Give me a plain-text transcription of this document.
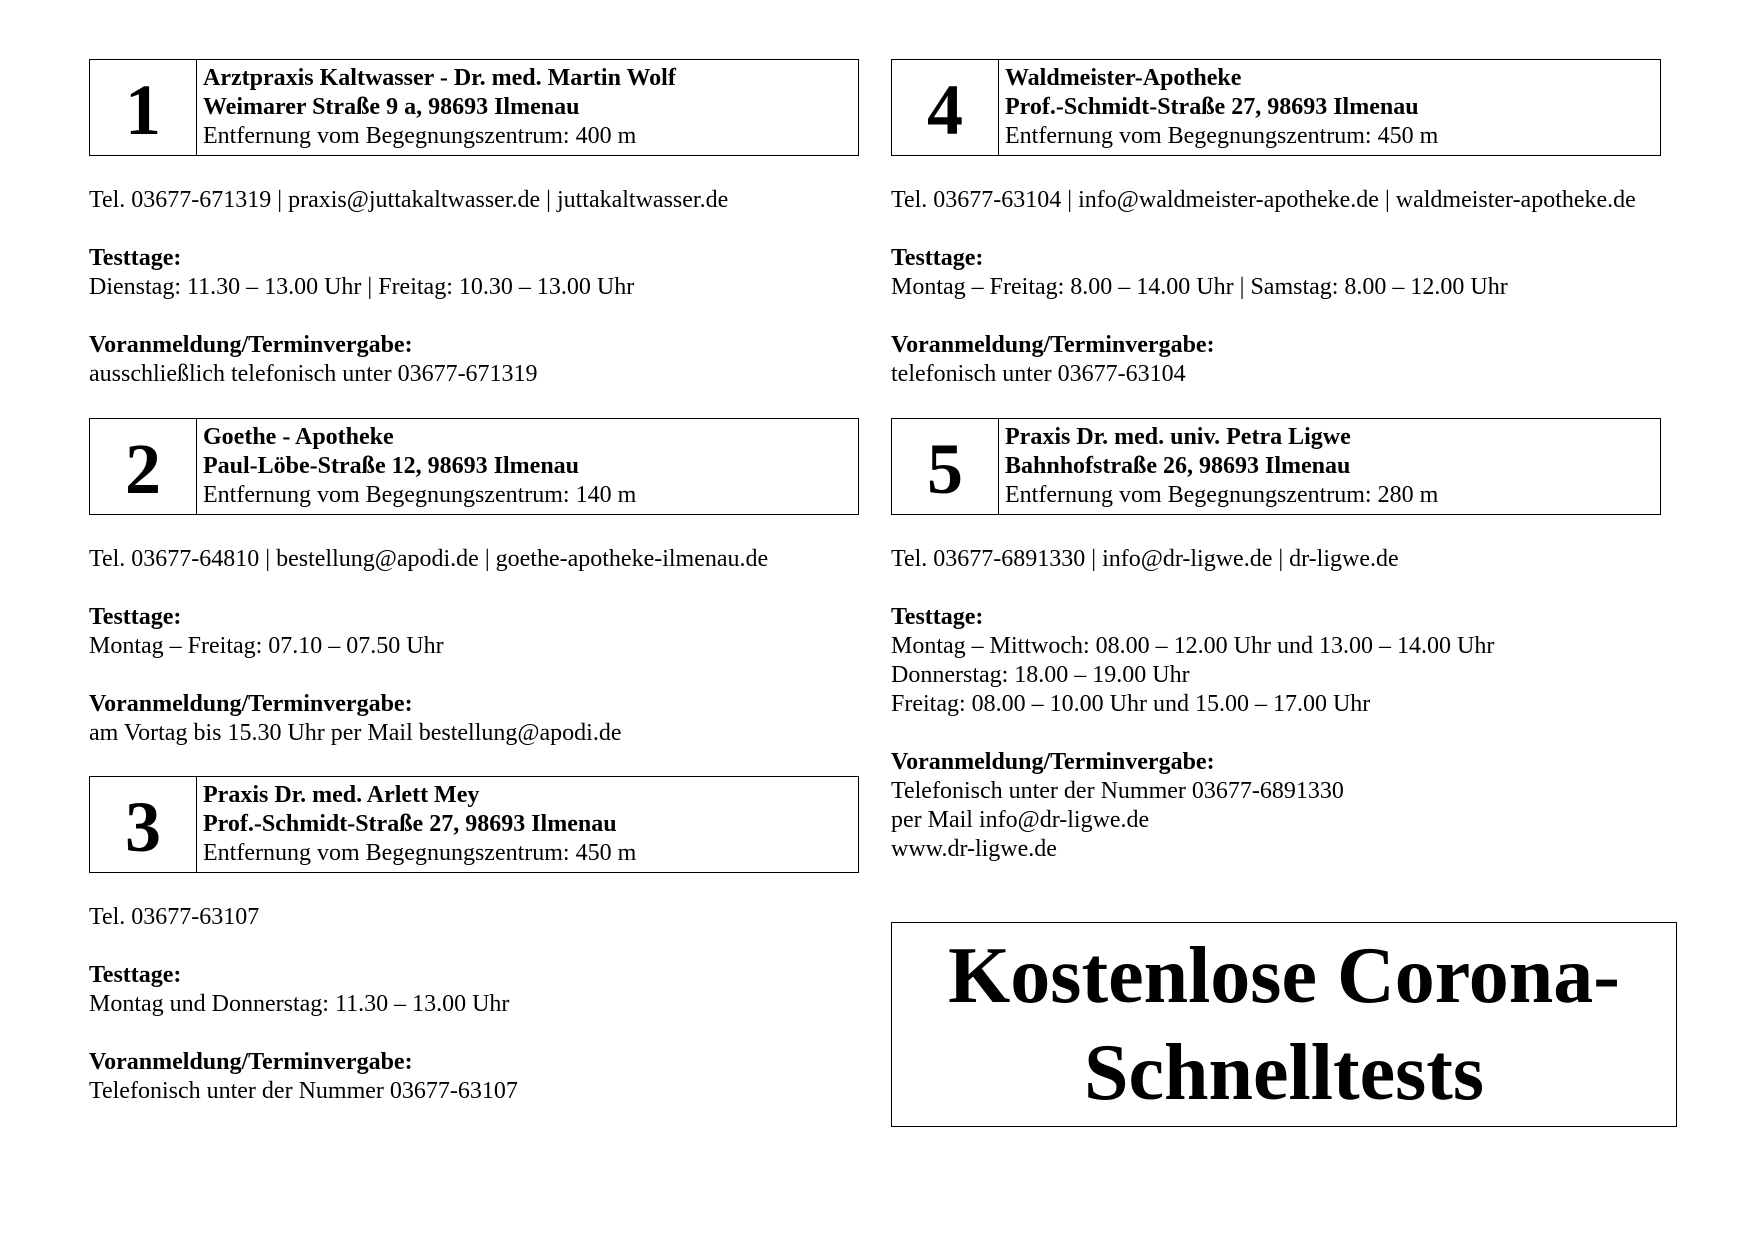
1	Arztpraxis Kaltwasser - Dr. med. Martin Wolf
Weimarer Straße 9 a, 98693 Ilmenau
Entfernung vom Begegnungszentrum: 400 m
Tel. 03677-671319 | praxis@juttakaltwasser.de | juttakaltwasser.de
Testtage:
Dienstag: 11.30 – 13.00 Uhr | Freitag: 10.30 – 13.00 Uhr
Voranmeldung/Terminvergabe:
ausschließlich telefonisch unter 03677-671319
2	Goethe - Apotheke
Paul-Löbe-Straße 12, 98693 Ilmenau
Entfernung vom Begegnungszentrum: 140 m
Tel. 03677-64810 | bestellung@apodi.de | goethe-apotheke-ilmenau.de
Testtage:
Montag – Freitag: 07.10 – 07.50 Uhr
Voranmeldung/Terminvergabe:
am Vortag bis 15.30 Uhr per Mail bestellung@apodi.de
3	Praxis Dr. med. Arlett Mey
Prof.-Schmidt-Straße 27, 98693 Ilmenau
Entfernung vom Begegnungszentrum: 450 m
Tel. 03677-63107
Testtage:
Montag und Donnerstag: 11.30 – 13.00 Uhr
Voranmeldung/Terminvergabe:
Telefonisch unter der Nummer 03677-63107
4	Waldmeister-Apotheke
Prof.-Schmidt-Straße 27, 98693 Ilmenau
Entfernung vom Begegnungszentrum: 450 m
Tel. 03677-63104 | info@waldmeister-apotheke.de | waldmeister-apotheke.de
Testtage:
Montag – Freitag: 8.00 – 14.00 Uhr | Samstag: 8.00 – 12.00 Uhr
Voranmeldung/Terminvergabe:
telefonisch unter 03677-63104
5	Praxis Dr. med. univ. Petra Ligwe
Bahnhofstraße 26, 98693 Ilmenau
Entfernung vom Begegnungszentrum: 280 m
Tel. 03677-6891330 | info@dr-ligwe.de | dr-ligwe.de
Testtage:
Montag – Mittwoch: 08.00 – 12.00 Uhr und 13.00 – 14.00 Uhr
Donnerstag: 18.00 – 19.00 Uhr
Freitag: 08.00 – 10.00 Uhr und 15.00 – 17.00 Uhr
Voranmeldung/Terminvergabe:
Telefonisch unter der Nummer 03677-6891330
per Mail info@dr-ligwe.de
www.dr-ligwe.de
Kostenlose Corona-
Schnelltests
